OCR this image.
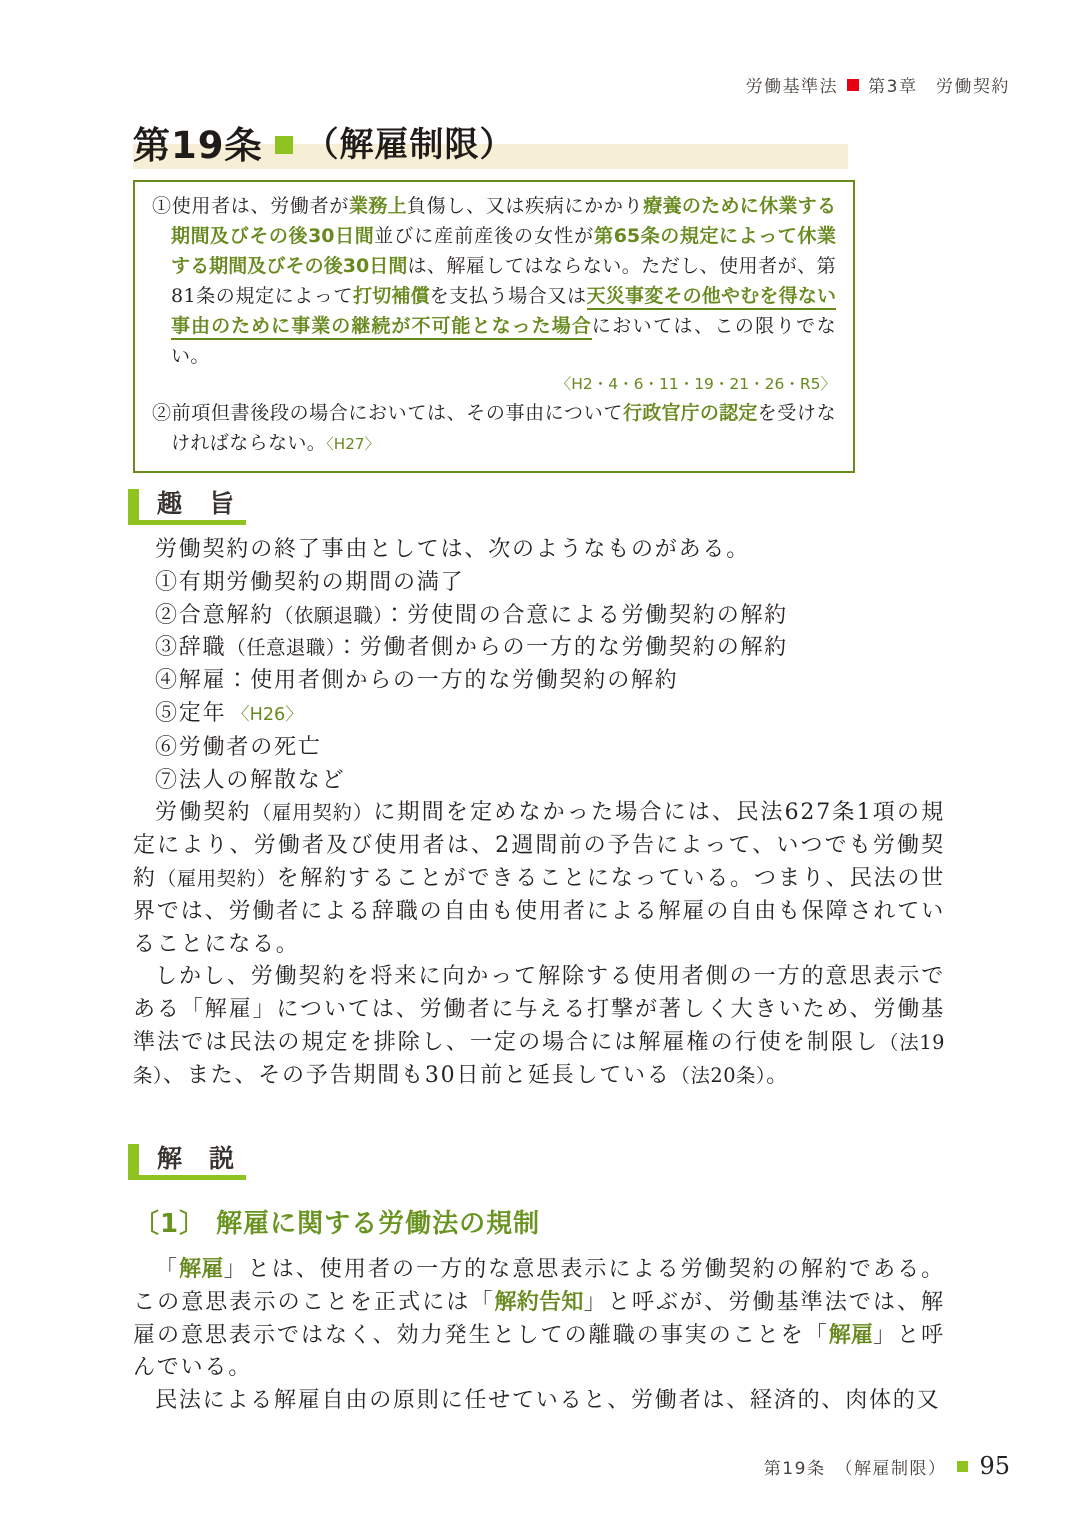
労働基準法 第3章　労働契約
第19条 （解雇制限）

①使用者は、労働者が業務上負傷し、又は疾病にかかり療養のために休業する期間及びその後30日間並びに産前産後の女性が第65条の規定によって休業する期間及びその後30日間は、解雇してはならない。ただし、使用者が、第81条の規定によって打切補償を支払う場合又は天災事変その他やむを得ない事由のために事業の継続が不可能となった場合においては、この限りでない。

〈H2・4・6・11・19・21・26・R5〉

②前項但書後段の場合においては、その事由について行政官庁の認定を受けなければならない。〈H27〉

趣　旨

労働契約の終了事由としては、次のようなものがある。

①有期労働契約の期間の満了

②合意解約（依願退職）：労使間の合意による労働契約の解約

③辞職（任意退職）：労働者側からの一方的な労働契約の解約

④解雇：使用者側からの一方的な労働契約の解約

⑤定年 〈H26〉

⑥労働者の死亡

⑦法人の解散など

労働契約（雇用契約）に期間を定めなかった場合には、民法627条1項の規定により、労働者及び使用者は、2週間前の予告によって、いつでも労働契約（雇用契約）を解約することができることになっている。つまり、民法の世界では、労働者による辞職の自由も使用者による解雇の自由も保障されていることになる。

しかし、労働契約を将来に向かって解除する使用者側の一方的意思表示である「解雇」については、労働者に与える打撃が著しく大きいため、労働基準法では民法の規定を排除し、一定の場合には解雇権の行使を制限し（法19条）、また、その予告期間も30日前と延長している（法20条）。

解　説
〔1〕 解雇に関する労働法の規制

「解雇」とは、使用者の一方的な意思表示による労働契約の解約である。この意思表示のことを正式には「解約告知」と呼ぶが、労働基準法では、解雇の意思表示ではなく、効力発生としての離職の事実のことを「解雇」と呼んでいる。

民法による解雇自由の原則に任せていると、労働者は、経済的、肉体的又

第19条　（解雇制限） 95
